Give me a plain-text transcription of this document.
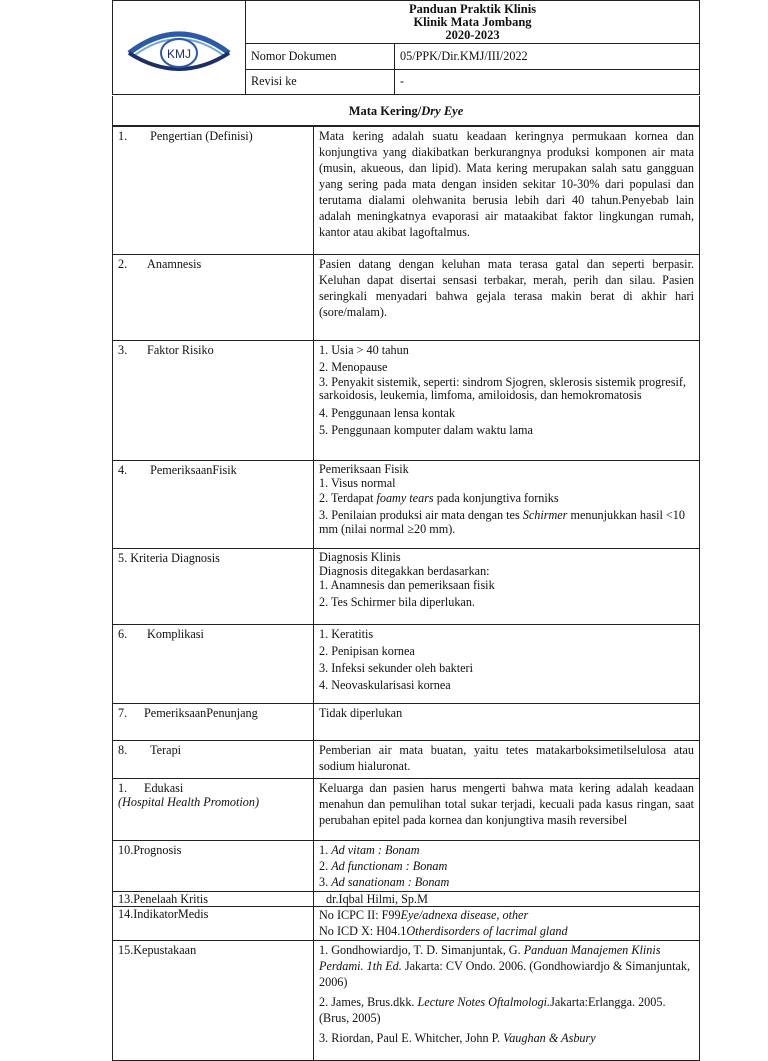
KMJ	Panduan Praktik Klinis
Klinik Mata Jombang
2020-2023	

	Nomor Dokumen	05/PPK/Dir.KMJ/III/2022
	Revisi ke	-
Mata Kering/Dry Eye
1. Pengertian (Definisi)	Mata kering adalah suatu keadaan keringnya permukaan kornea dan konjungtiva yang diakibatkan berkurangnya produksi komponen air mata (musin, akueous, dan lipid). Mata kering merupakan salah satu gangguan yang sering pada mata dengan insiden sekitar 10-30% dari populasi dan terutama dialami olehwanita berusia lebih dari 40 tahun.Penyebab lain adalah meningkatnya evaporasi air mataakibat faktor lingkungan rumah, kantor atau akibat lagoftalmus.
2. Anamnesis	Pasien datang dengan keluhan mata terasa gatal dan seperti berpasir. Keluhan dapat disertai sensasi terbakar, merah, perih dan silau. Pasien seringkali menyadari bahwa gejala terasa makin berat di akhir hari (sore/malam).
3. Faktor Risiko	1. Usia > 40 tahun
2. Menopause
3. Penyakit sistemik, seperti: sindrom Sjogren, sklerosis sistemik progresif, sarkoidosis, leukemia, limfoma, amiloidosis, dan hemokromatosis
4. Penggunaan lensa kontak
5. Penggunaan komputer dalam waktu lama

4. PemeriksaanFisik	Pemeriksaan Fisik
1. Visus normal
2. Terdapat foamy tears pada konjungtiva forniks
3. Penilaian produksi air mata dengan tes Schirmer menunjukkan hasil <10 mm (nilai normal ≥20 mm).

5. Kriteria Diagnosis	Diagnosis Klinis
Diagnosis ditegakkan berdasarkan:
1. Anamnesis dan pemeriksaan fisik
2. Tes Schirmer bila diperlukan.

6. Komplikasi	1. Keratitis
2. Penipisan kornea
3. Infeksi sekunder oleh bakteri
4. Neovaskularisasi kornea

7. PemeriksaanPenunjang	Tidak diperlukan
8. Terapi	Pemberian air mata buatan, yaitu tetes matakarboksimetilselulosa atau sodium hialuronat.

1. Edukasi
(Hospital Health Promotion)	Keluarga dan pasien harus mengerti bahwa mata kering adalah keadaan menahun dan pemulihan total sukar terjadi, kecuali pada kasus ringan, saat perubahan epitel pada kornea dan konjungtiva masih reversibel
10.Prognosis	1. Ad vitam : Bonam
2. Ad functionam : Bonam
3. Ad sanationam : Bonam

13.Penelaah Kritis	dr.Iqbal Hilmi, Sp.M
14.IndikatorMedis	No ICPC II: F99Eye/adnexa disease, other
No ICD X: H04.1Otherdisorders of lacrimal gland

15.Kepustakaan	1. Gondhowiardjo, T. D. Simanjuntak, G. Panduan Manajemen Klinis Perdami. 1th Ed. Jakarta: CV Ondo. 2006. (Gondhowiardjo & Simanjuntak, 2006)
2. James, Brus.dkk. Lecture Notes Oftalmologi.Jakarta:Erlangga. 2005. (Brus, 2005)
3. Riordan, Paul E. Whitcher, John P. Vaughan & Asbury
